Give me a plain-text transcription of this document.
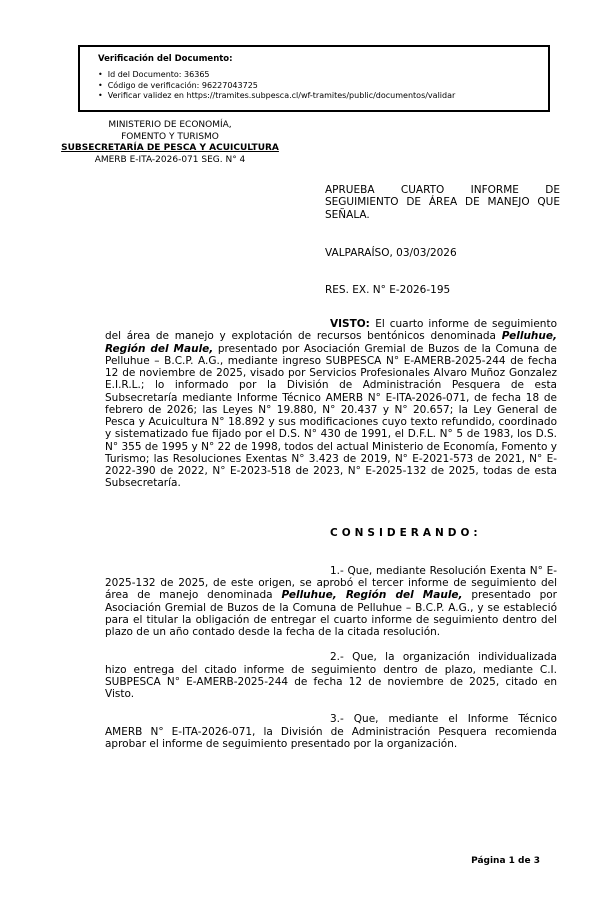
Verificación del Documento:
• Id del Documento: 36365
• Código de verificación: 96227043725
• Verificar validez en https://tramites.subpesca.cl/wf-tramites/public/documentos/validar
MINISTERIO DE ECONOMÍA,
FOMENTO Y TURISMO
SUBSECRETARÍA DE PESCA Y ACUICULTURA
AMERB E-ITA-2026-071 SEG. N° 4
APRUEBA CUARTO INFORME DE SEGUIMIENTO DE ÁREA DE MANEJO QUE SEÑALA.
VALPARAÍSO, 03/03/2026
RES. EX. N° E-2026-195

VISTO: El cuarto informe de seguimiento del área de manejo y explotación de recursos bentónicos denominada Pelluhue, Región del Maule, presentado por Asociación Gremial de Buzos de la Comuna de Pelluhue – B.C.P. A.G., mediante ingreso SUBPESCA N° E-AMERB-2025-244 de fecha 12 de noviembre de 2025, visado por Servicios Profesionales Alvaro Muñoz Gonzalez E.I.R.L.; lo informado por la División de Administración Pesquera de esta Subsecretaría mediante Informe Técnico AMERB N° E-ITA-2026-071, de fecha 18 de febrero de 2026; las Leyes N° 19.880, N° 20.437 y N° 20.657; la Ley General de Pesca y Acuicultura N° 18.892 y sus modificaciones cuyo texto refundido, coordinado y sistematizado fue fijado por el D.S. N° 430 de 1991, el D.F.L. N° 5 de 1983, los D.S. N° 355 de 1995 y N° 22 de 1998, todos del actual Ministerio de Economía, Fomento y Turismo; las Resoluciones Exentas N° 3.423 de 2019, N° E-2021-573 de 2021, N° E-2022-390 de 2022, N° E-2023-518 de 2023, N° E-2025-132 de 2025, todas de esta Subsecretaría.

CONSIDERANDO:

1.- Que, mediante Resolución Exenta N° E-2025-132 de 2025, de este origen, se aprobó el tercer informe de seguimiento del área de manejo denominada Pelluhue, Región del Maule, presentado por Asociación Gremial de Buzos de la Comuna de Pelluhue – B.C.P. A.G., y se estableció para el titular la obligación de entregar el cuarto informe de seguimiento dentro del plazo de un año contado desde la fecha de la citada resolución.

2.- Que, la organización individualizada hizo entrega del citado informe de seguimiento dentro de plazo, mediante C.I. SUBPESCA N° E-AMERB-2025-244 de fecha 12 de noviembre de 2025, citado en Visto.

3.- Que, mediante el Informe Técnico AMERB N° E-ITA-2026-071, la División de Administración Pesquera recomienda aprobar el informe de seguimiento presentado por la organización.

Página 1 de 3
